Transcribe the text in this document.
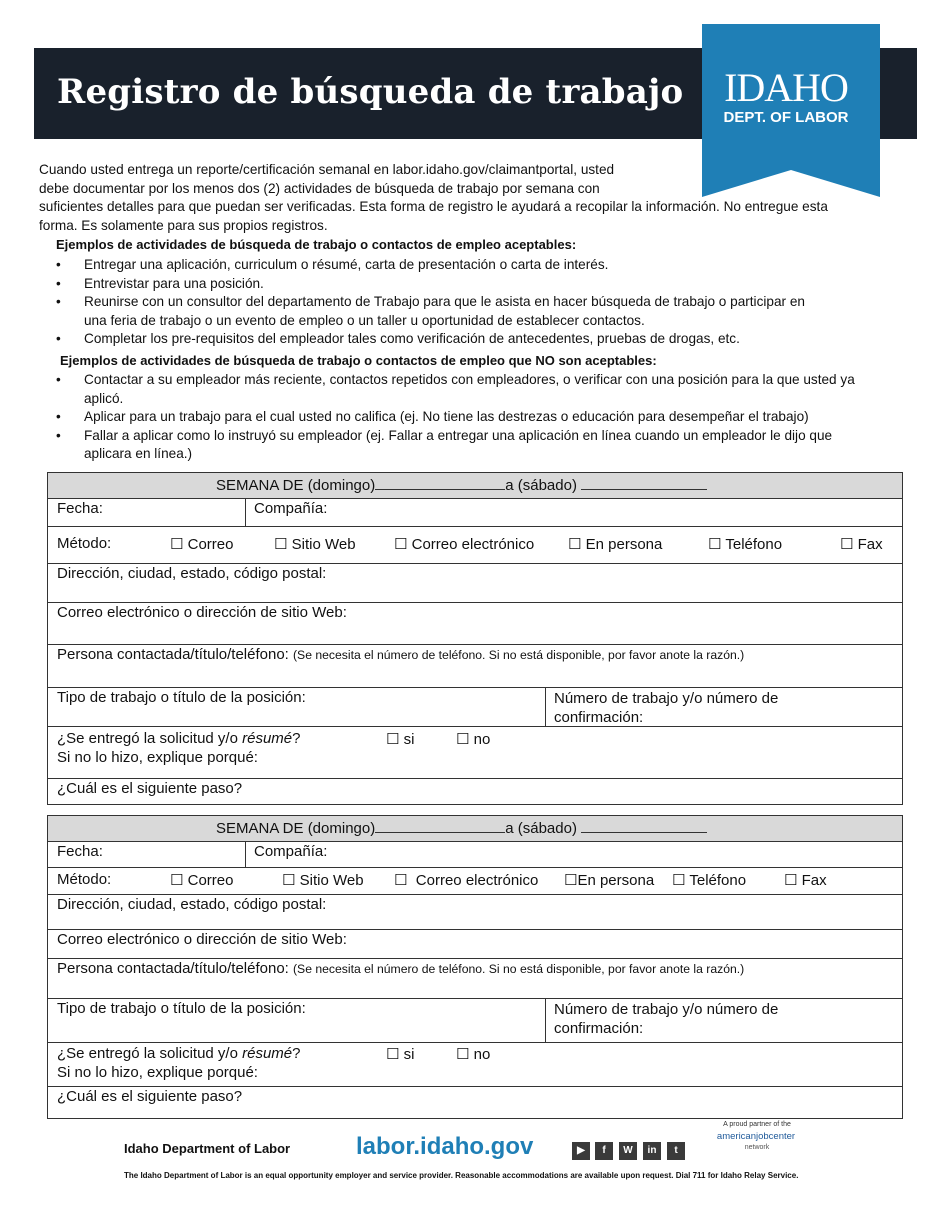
Registro de búsqueda de trabajo IDAHO
DEPT. OF LABOR
Cuando usted entrega un reporte/certificación semanal en labor.idaho.gov/claimantportal, usted
debe documentar por los menos dos (2) actividades de búsqueda de trabajo por semana con
suficientes detalles para que puedan ser verificadas. Esta forma de registro le ayudará a recopilar la información. No entregue esta
forma. Es solamente para sus propios registros.
Ejemplos de actividades de búsqueda de trabajo o contactos de empleo aceptables:
• Entregar una aplicación, curriculum o résumé, carta de presentación o carta de interés.
• Entrevistar para una posición.
• Reunirse con un consultor del departamento de Trabajo para que le asista en hacer búsqueda de trabajo o participar en
una feria de trabajo o un evento de empleo o un taller u oportunidad de establecer contactos.
• Completar los pre-requisitos del empleador tales como verificación de antecedentes, pruebas de drogas, etc.
Ejemplos de actividades de búsqueda de trabajo o contactos de empleo que NO son aceptables:
• Contactar a su empleador más reciente, contactos repetidos con empleadores, o verificar con una posición para la que usted ya
aplicó.
• Aplicar para un trabajo para el cual usted no califica (ej. No tiene las destrezas o educación para desempeñar el trabajo)
• Fallar a aplicar como lo instruyó su empleador (ej. Fallar a entregar una aplicación en línea cuando un empleador le dijo que
aplicara en línea.)
SEMANA DE (domingo)	a (sábado)
Fecha:	Compañía:
Método:	☐ Correo	☐ Sitio Web	☐ Correo electrónico ☐ En persona	☐ Teléfono	☐ Fax
Dirección, ciudad, estado, código postal:
Correo electrónico o dirección de sitio Web:
Persona contactada/título/teléfono: (Se necesita el número de teléfono. Si no está disponible, por favor anote la razón.)
Tipo de trabajo o título de la posición:	Número de trabajo y/o número de
confirmación:
¿Se entregó la solicitud y/o résumé?	☐ si	☐ no
Si no lo hizo, explique porqué:
¿Cuál es el siguiente paso?
SEMANA DE (domingo)	a (sábado)
Fecha:	Compañía:
Método:	☐ Correo	☐ Sitio Web ☐ Correo electrónico ☐En persona ☐ Teléfono	☐ Fax
Dirección, ciudad, estado, código postal:
Correo electrónico o dirección de sitio Web:
Persona contactada/título/teléfono: (Se necesita el número de teléfono. Si no está disponible, por favor anote la razón.)
Tipo de trabajo o título de la posición:	Número de trabajo y/o número de
confirmación:
¿Se entregó la solicitud y/o résumé?	☐ si	☐ no
Si no lo hizo, explique porqué:
¿Cuál es el siguiente paso?
Idaho Department of Labor	labor.idaho.gov	▶	f	W	in	t
A proud partner of the
americanjobcenter
network
The Idaho Department of Labor is an equal opportunity employer and service provider. Reasonable accommodations are available upon request. Dial 711 for Idaho Relay Service.
